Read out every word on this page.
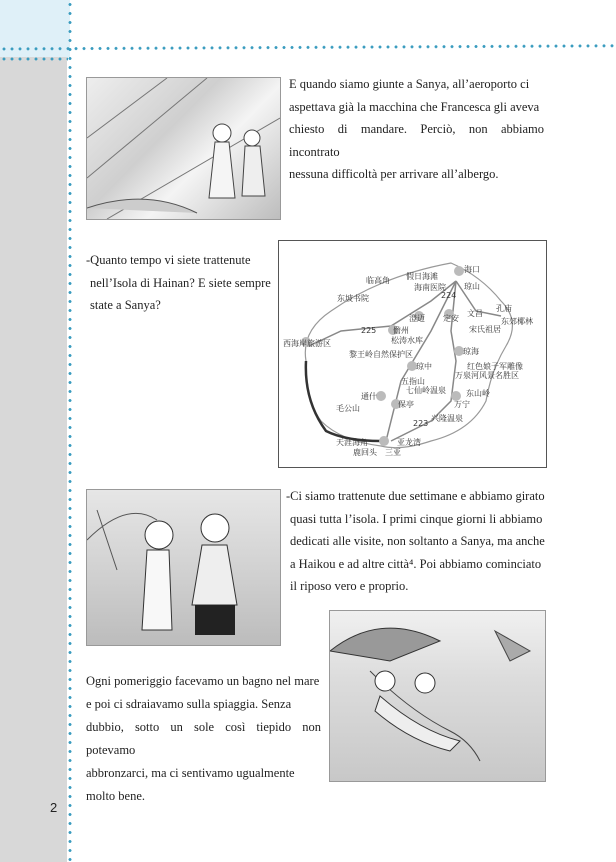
E quando siamo giunte a Sanya, all’aeroporto ci
aspettava già la macchina che Francesca gli aveva
chiesto di mandare. Perciò, non abbiamo incontrato
nessuna difficoltà per arrivare all’albergo.
-Quanto tempo vi siete trattenute
nell’Isola di Hainan? E siete sempre
state a Sanya?
海口
假日海滩
临高角
海南医院 琼山
东坡书院
澄迈 定安
文昌
孔庙
东郊椰林
宋氏祖居
儋州
西海岸旅游区	松涛水库
黎王岭自然保护区	琼海
琼中	红色娘子军雕像
万泉河风景名胜区
五指山
七仙岭温泉	东山岭
通什
万宁
保亭
毛公山
兴隆温泉
天涯海角	亚龙湾
鹿回头 三亚
225
224
223
-Ci siamo trattenute due settimane e abbiamo girato
quasi tutta l’isola. I primi cinque giorni li abbiamo
dedicati alle visite, non soltanto a Sanya, ma anche
a Haikou e ad altre città⁴. Poi abbiamo cominciato
il riposo vero e proprio.
Ogni pomeriggio facevamo un bagno nel mare
e poi ci sdraiavamo sulla spiaggia. Senza
dubbio, sotto un sole così tiepido non potevamo
abbronzarci, ma ci sentivamo ugualmente
molto bene.
2
